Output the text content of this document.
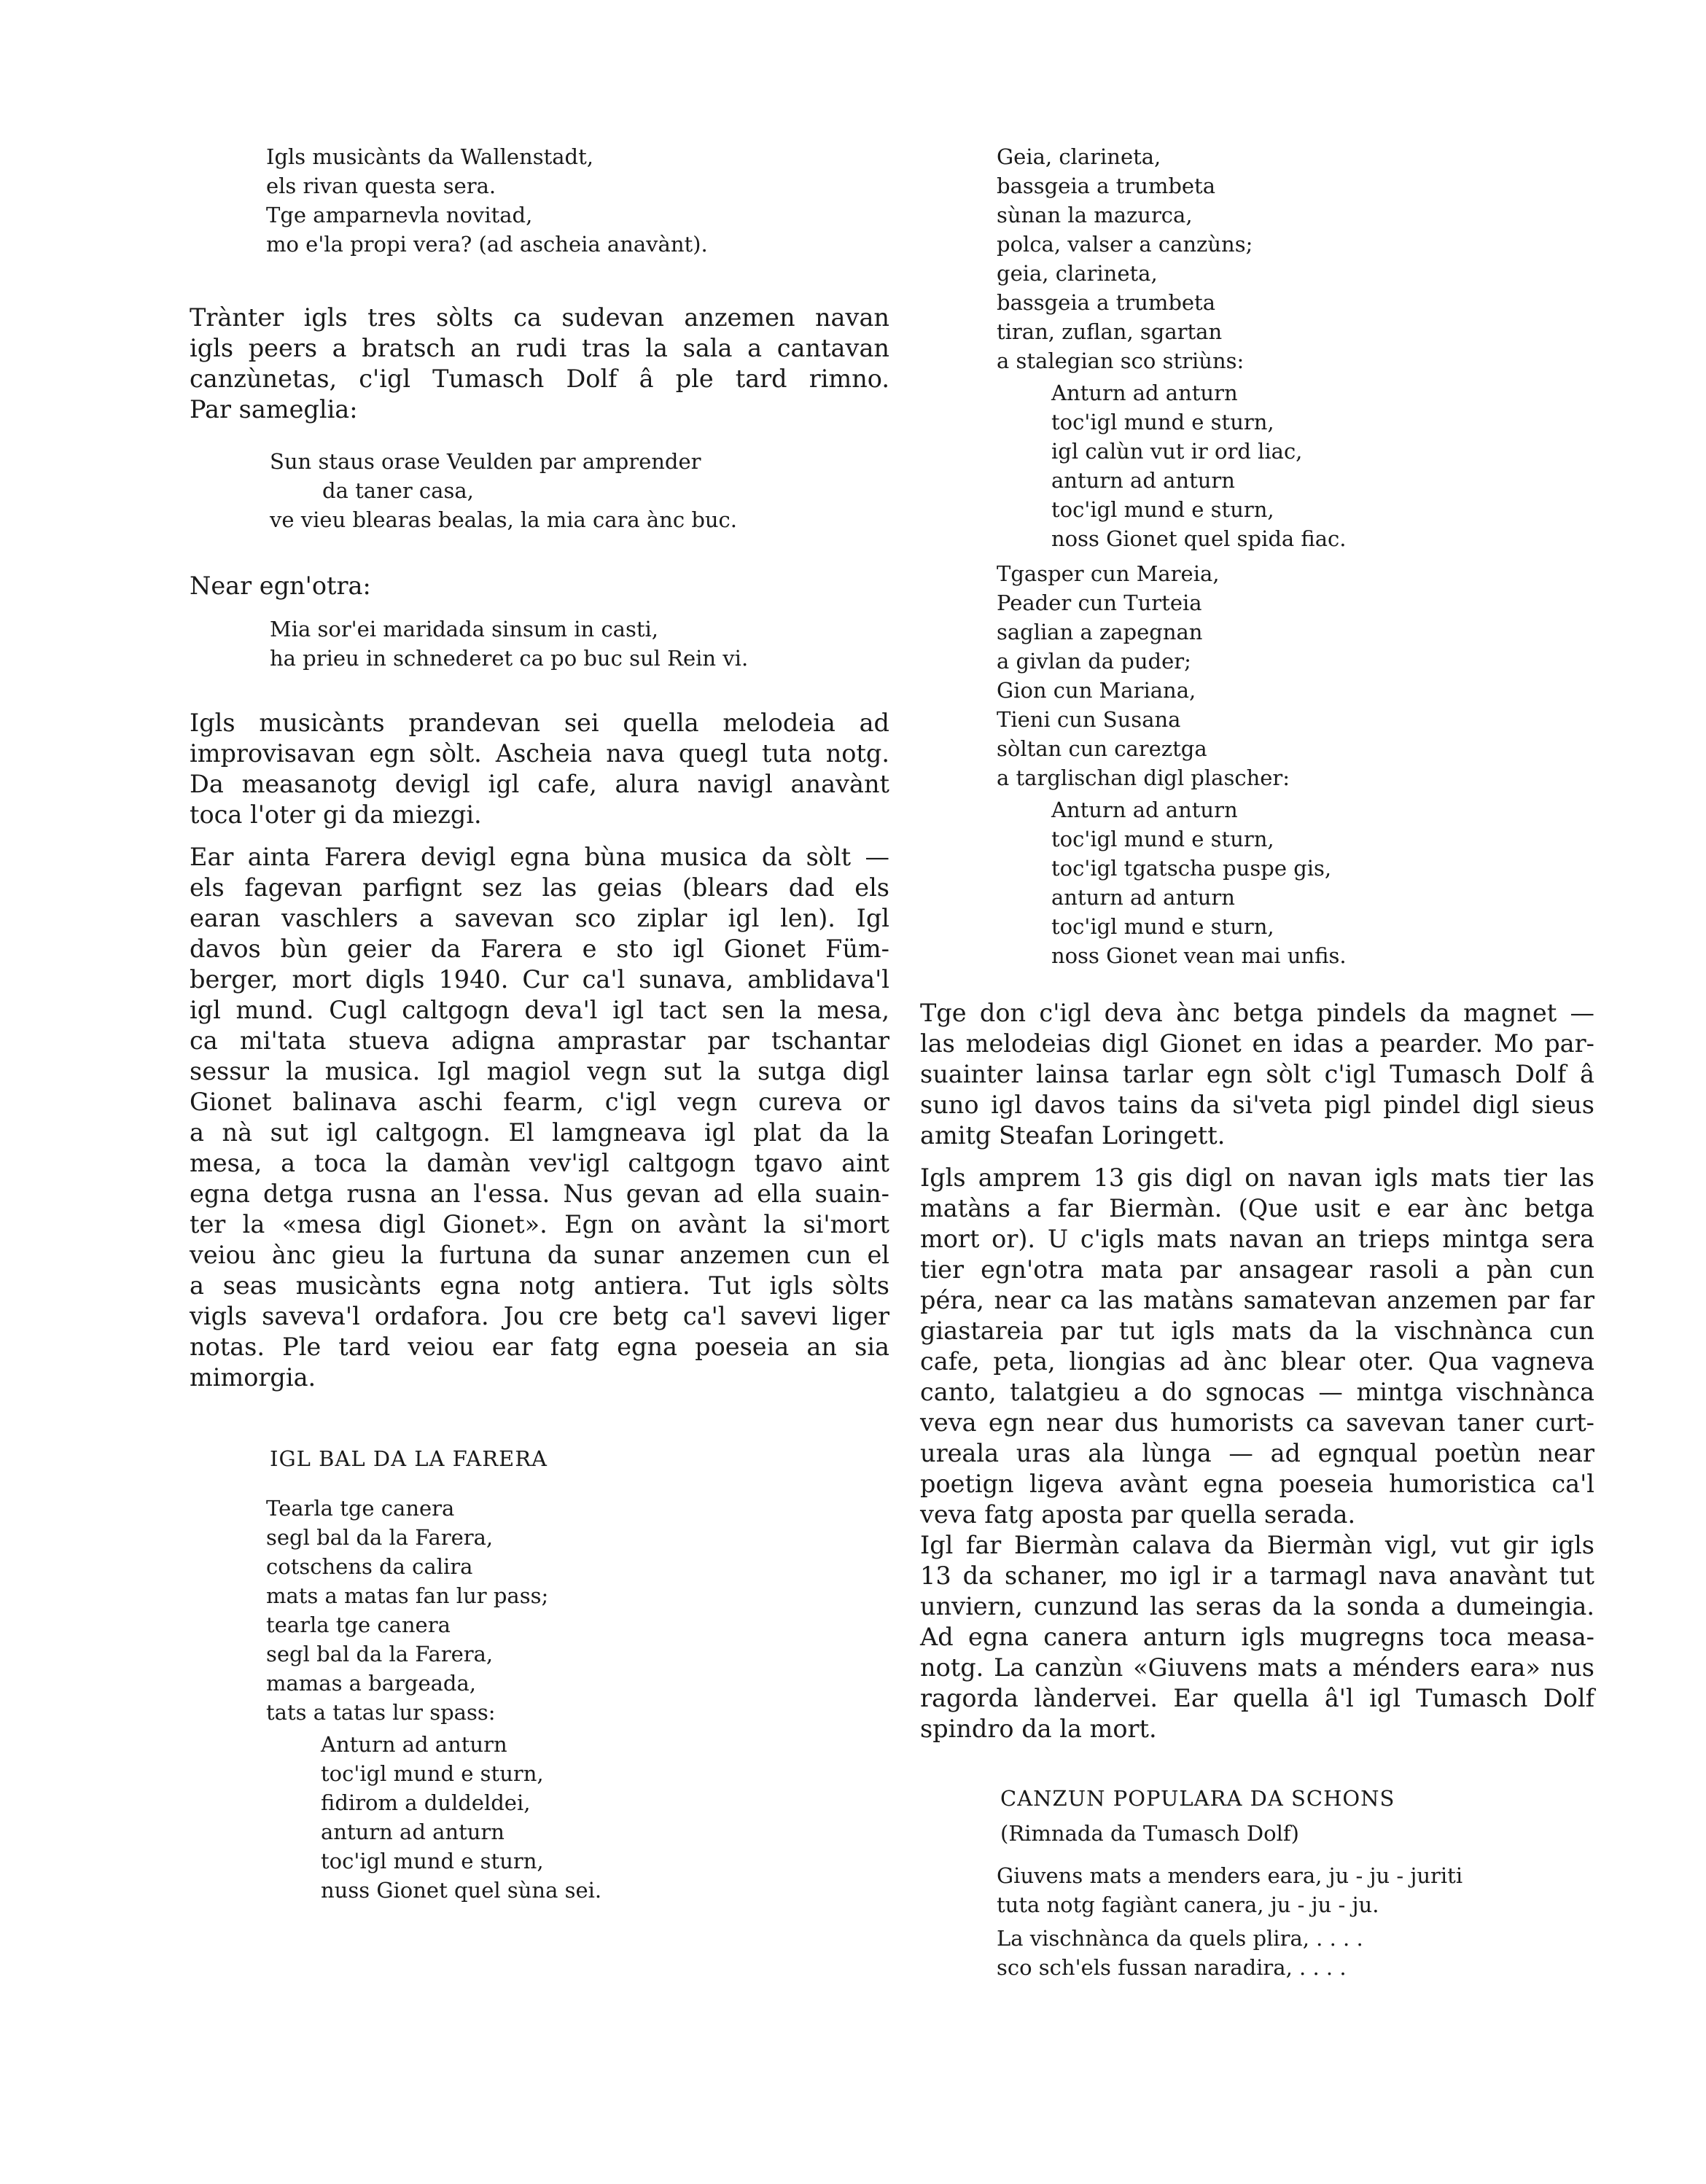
Igls musicànts da Wallenstadt,
els rivan questa sera.
Tge amparnevla novitad,
mo e'la propi vera? (ad ascheia anavànt).
Trànter igls tres sòlts ca sudevan anzemen navan
igls peers a bratsch an rudi tras la sala a cantavan
canzùnetas, c'igl Tumasch Dolf â ple tard rimno.
Par sameglia:
Sun staus orase Veulden par amprender
da taner casa,
ve vieu blearas bealas, la mia cara ànc buc.
Near egn'otra:
Mia sor'ei maridada sinsum in casti,
ha prieu in schnederet ca po buc sul Rein vi.
Igls musicànts prandevan sei quella melodeia ad
improvisavan egn sòlt. Ascheia nava quegl tuta notg.
Da measanotg devigl igl cafe, alura navigl anavànt
toca l'oter gi da miezgi.
Ear ainta Farera devigl egna bùna musica da sòlt —
els fagevan parfignt sez las geias (blears dad els
earan vaschlers a savevan sco ziplar igl len). Igl
davos bùn geier da Farera e sto igl Gionet Füm-
berger, mort digls 1940. Cur ca'l sunava, amblidava'l
igl mund. Cugl caltgogn deva'l igl tact sen la mesa,
ca mi'tata stueva adigna amprastar par tschantar
sessur la musica. Igl magiol vegn sut la sutga digl
Gionet balinava aschi fearm, c'igl vegn cureva or
a nà sut igl caltgogn. El lamgneava igl plat da la
mesa, a toca la damàn vev'igl caltgogn tgavo aint
egna detga rusna an l'essa. Nus gevan ad ella suain-
ter la «mesa digl Gionet». Egn on avànt la si'mort
veiou ànc gieu la furtuna da sunar anzemen cun el
a seas musicànts egna notg antiera. Tut igls sòlts
vigls saveva'l ordafora. Jou cre betg ca'l savevi liger
notas. Ple tard veiou ear fatg egna poeseia an sia
mimorgia.
IGL BAL DA LA FARERA
Tearla tge canera
segl bal da la Farera,
cotschens da calira
mats a matas fan lur pass;
tearla tge canera
segl bal da la Farera,
mamas a bargeada,
tats a tatas lur spass:
Anturn ad anturn
toc'igl mund e sturn,
fidirom a duldeldei,
anturn ad anturn
toc'igl mund e sturn,
nuss Gionet quel sùna sei.
Geia, clarineta,
bassgeia a trumbeta
sùnan la mazurca,
polca, valser a canzùns;
geia, clarineta,
bassgeia a trumbeta
tiran, zuflan, sgartan
a stalegian sco striùns:
Anturn ad anturn
toc'igl mund e sturn,
igl calùn vut ir ord liac,
anturn ad anturn
toc'igl mund e sturn,
noss Gionet quel spida fiac.
Tgasper cun Mareia,
Peader cun Turteia
saglian a zapegnan
a givlan da puder;
Gion cun Mariana,
Tieni cun Susana
sòltan cun careztga
a targlischan digl plascher:
Anturn ad anturn
toc'igl mund e sturn,
toc'igl tgatscha puspe gis,
anturn ad anturn
toc'igl mund e sturn,
noss Gionet vean mai unfis.
Tge don c'igl deva ànc betga pindels da magnet —
las melodeias digl Gionet en idas a pearder. Mo par-
suainter lainsa tarlar egn sòlt c'igl Tumasch Dolf â
suno igl davos tains da si'veta pigl pindel digl sieus
amitg Steafan Loringett.
Igls amprem 13 gis digl on navan igls mats tier las
matàns a far Biermàn. (Que usit e ear ànc betga
mort or). U c'igls mats navan an trieps mintga sera
tier egn'otra mata par ansagear rasoli a pàn cun
péra, near ca las matàns samatevan anzemen par far
giastareia par tut igls mats da la vischnànca cun
cafe, peta, liongias ad ànc blear oter. Qua vagneva
canto, talatgieu a do sgnocas — mintga vischnànca
veva egn near dus humorists ca savevan taner curt-
ureala uras ala lùnga — ad egnqual poetùn near
poetign ligeva avànt egna poeseia humoristica ca'l
veva fatg aposta par quella serada.
Igl far Biermàn calava da Biermàn vigl, vut gir igls
13 da schaner, mo igl ir a tarmagl nava anavànt tut
unviern, cunzund las seras da la sonda a dumeingia.
Ad egna canera anturn igls mugregns toca measa-
notg. La canzùn «Giuvens mats a ménders eara» nus
ragorda làndervei. Ear quella â'l igl Tumasch Dolf
spindro da la mort.
CANZUN POPULARA DA SCHONS
(Rimnada da Tumasch Dolf)
Giuvens mats a menders eara, ju - ju - juriti
tuta notg fagiànt canera, ju - ju - ju.
La vischnànca da quels plira, . . . .
sco sch'els fussan naradira, . . . .
